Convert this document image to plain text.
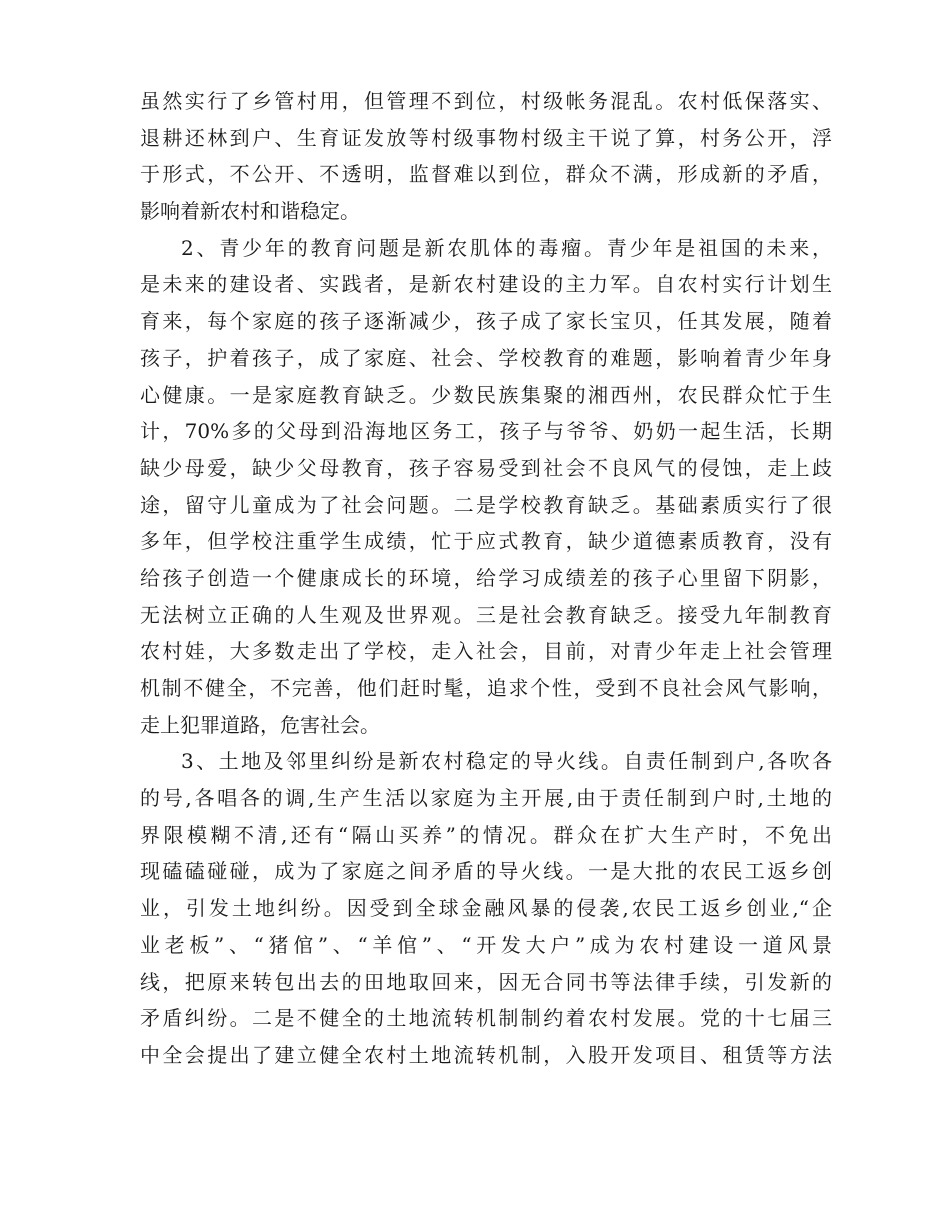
虽然实行了乡管村用，但管理不到位，村级帐务混乱。农村低保落实、
退耕还林到户、生育证发放等村级事物村级主干说了算，村务公开，浮
于形式，不公开、不透明，监督难以到位，群众不满，形成新的矛盾，
影响着新农村和谐稳定。
2、青少年的教育问题是新农肌体的毒瘤。青少年是祖国的未来，
是未来的建设者、实践者，是新农村建设的主力军。自农村实行计划生
育来，每个家庭的孩子逐渐减少，孩子成了家长宝贝，任其发展，随着
孩子，护着孩子，成了家庭、社会、学校教育的难题，影响着青少年身
心健康。一是家庭教育缺乏。少数民族集聚的湘西州，农民群众忙于生
计，70%多的父母到沿海地区务工，孩子与爷爷、奶奶一起生活，长期
缺少母爱，缺少父母教育，孩子容易受到社会不良风气的侵蚀，走上歧
途，留守儿童成为了社会问题。二是学校教育缺乏。基础素质实行了很
多年，但学校注重学生成绩，忙于应式教育，缺少道德素质教育，没有
给孩子创造一个健康成长的环境，给学习成绩差的孩子心里留下阴影，
无法树立正确的人生观及世界观。三是社会教育缺乏。接受九年制教育
农村娃，大多数走出了学校，走入社会，目前，对青少年走上社会管理
机制不健全，不完善，他们赶时髦，追求个性，受到不良社会风气影响，
走上犯罪道路，危害社会。
3、土地及邻里纠纷是新农村稳定的导火线。自责任制到户,各吹各
的号,各唱各的调,生产生活以家庭为主开展,由于责任制到户时,土地的
界限模糊不清,还有“隔山买养”的情况。群众在扩大生产时，不免出
现磕磕碰碰，成为了家庭之间矛盾的导火线。一是大批的农民工返乡创
业，引发土地纠纷。因受到全球金融风暴的侵袭,农民工返乡创业,“企
业老板”、“猪倌”、“羊倌”、“开发大户”成为农村建设一道风景
线，把原来转包出去的田地取回来，因无合同书等法律手续，引发新的
矛盾纠纷。二是不健全的土地流转机制制约着农村发展。党的十七届三
中全会提出了建立健全农村土地流转机制，入股开发项目、租赁等方法
